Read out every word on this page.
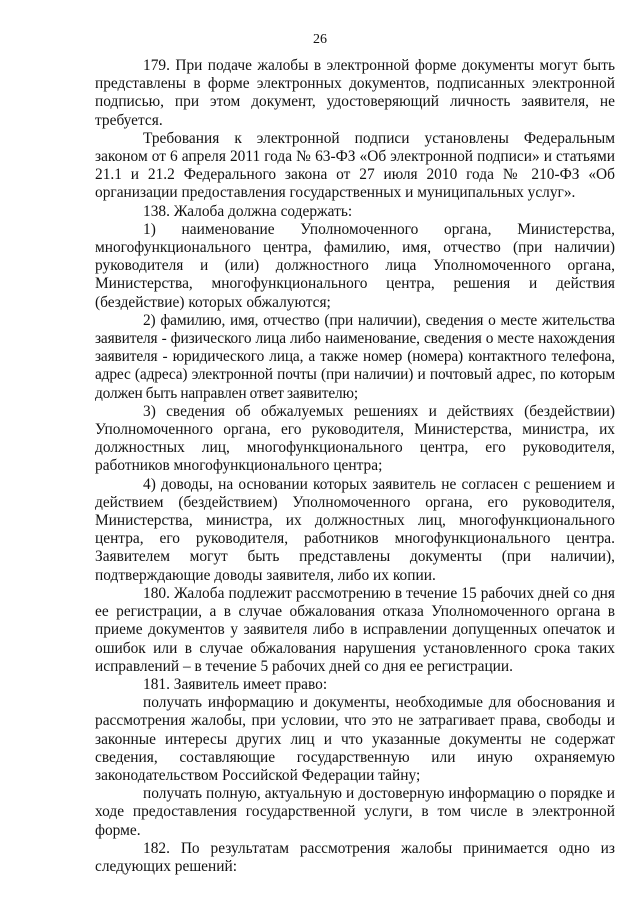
26

179. При подаче жалобы в электронной форме документы могут быть представлены в форме электронных документов, подписанных электронной подписью, при этом документ, удостоверяющий личность заявителя, не требуется.

Требования к электронной подписи установлены Федеральным законом от 6 апреля 2011 года № 63-ФЗ «Об электронной подписи» и статьями 21.1 и 21.2 Федерального закона от 27 июля 2010 года № 210-ФЗ «Об организации предоставления государственных и муниципальных услуг».

138. Жалоба должна содержать:

1) наименование Уполномоченного органа, Министерства, многофункционального центра, фамилию, имя, отчество (при наличии) руководителя и (или) должностного лица Уполномоченного органа, Министерства, многофункционального центра, решения и действия (бездействие) которых обжалуются;

2) фамилию, имя, отчество (при наличии), сведения о месте жительства заявителя - физического лица либо наименование, сведения о месте нахождения заявителя - юридического лица, а также номер (номера) контактного телефона, адрес (адреса) электронной почты (при наличии) и почтовый адрес, по которым должен быть направлен ответ заявителю;

3) сведения об обжалуемых решениях и действиях (бездействии) Уполномоченного органа, его руководителя, Министерства, министра, их должностных лиц, многофункционального центра, его руководителя, работников многофункционального центра;

4) доводы, на основании которых заявитель не согласен с решением и действием (бездействием) Уполномоченного органа, его руководителя, Министерства, министра, их должностных лиц, многофункционального центра, его руководителя, работников многофункционального центра. Заявителем могут быть представлены документы (при наличии), подтверждающие доводы заявителя, либо их копии.

180. Жалоба подлежит рассмотрению в течение 15 рабочих дней со дня ее регистрации, а в случае обжалования отказа Уполномоченного органа в приеме документов у заявителя либо в исправлении допущенных опечаток и ошибок или в случае обжалования нарушения установленного срока таких исправлений – в течение 5 рабочих дней со дня ее регистрации.

181. Заявитель имеет право:

получать информацию и документы, необходимые для обоснования и рассмотрения жалобы, при условии, что это не затрагивает права, свободы и законные интересы других лиц и что указанные документы не содержат сведения, составляющие государственную или иную охраняемую законодательством Российской Федерации тайну;

получать полную, актуальную и достоверную информацию о порядке и ходе предоставления государственной услуги, в том числе в электронной форме.

182. По результатам рассмотрения жалобы принимается одно из следующих решений:
